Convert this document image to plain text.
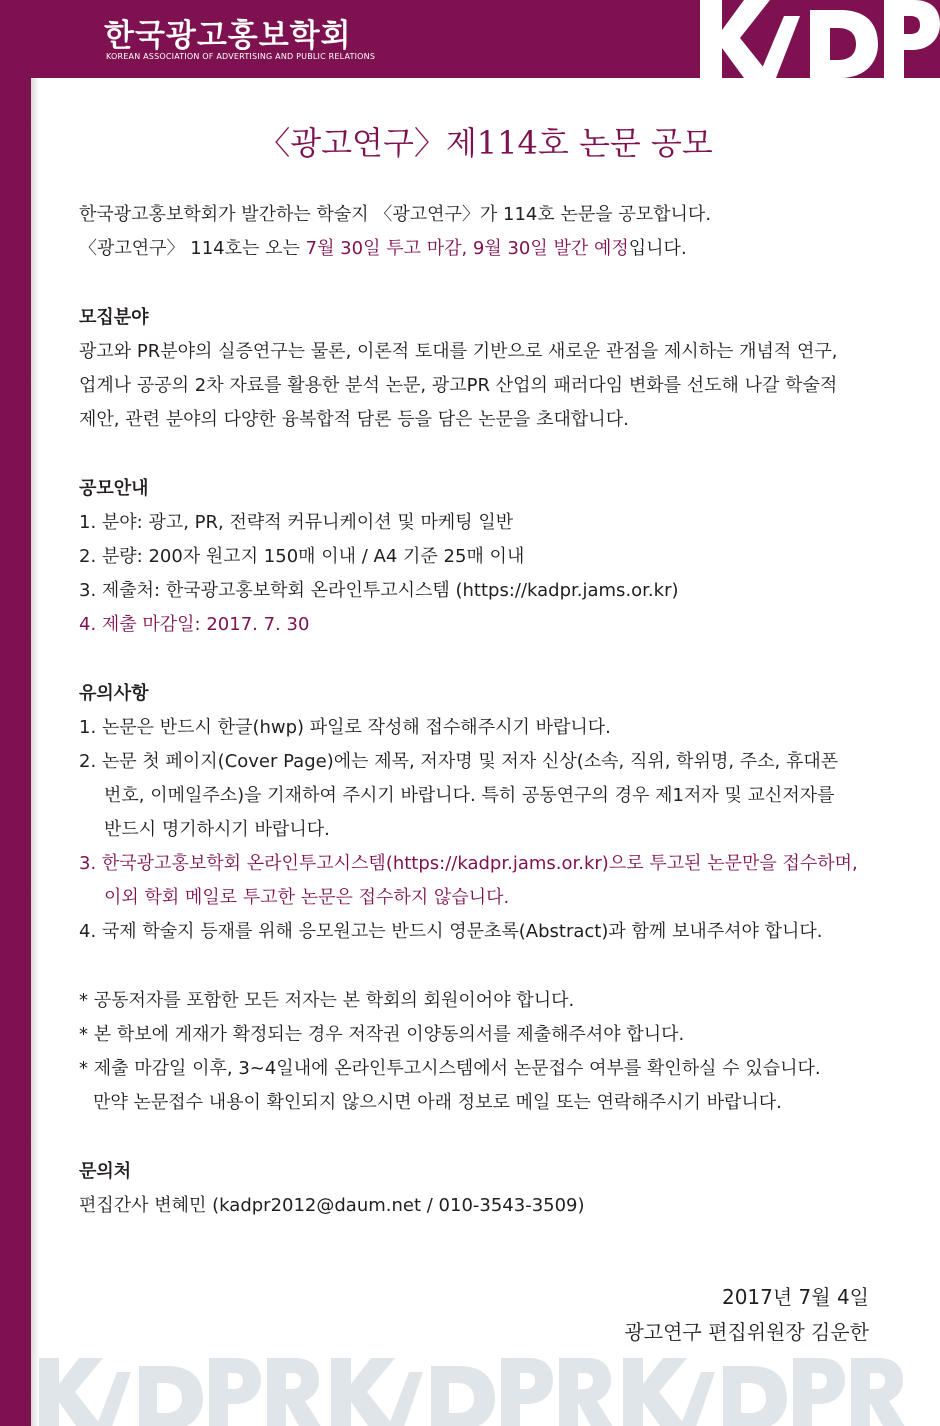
한국광고홍보학회
KOREAN ASSOCIATION OF ADVERTISING AND PUBLIC RELATIONS
〈광고연구〉제114호 논문 공모
한국광고홍보학회가 발간하는 학술지 〈광고연구〉가 114호 논문을 공모합니다.
〈광고연구〉 114호는 오는 7월 30일 투고 마감, 9월 30일 발간 예정입니다.
모집분야
광고와 PR분야의 실증연구는 물론, 이론적 토대를 기반으로 새로운 관점을 제시하는 개념적 연구,
업계나 공공의 2차 자료를 활용한 분석 논문, 광고PR 산업의 패러다임 변화를 선도해 나갈 학술적
제안, 관련 분야의 다양한 융복합적 담론 등을 담은 논문을 초대합니다.
공모안내
1. 분야: 광고, PR, 전략적 커뮤니케이션 및 마케팅 일반
2. 분량: 200자 원고지 150매 이내 / A4 기준 25매 이내
3. 제출처: 한국광고홍보학회 온라인투고시스템 (https://kadpr.jams.or.kr)
4. 제출 마감일: 2017. 7. 30
유의사항
1. 논문은 반드시 한글(hwp) 파일로 작성해 접수해주시기 바랍니다.
2. 논문 첫 페이지(Cover Page)에는 제목, 저자명 및 저자 신상(소속, 직위, 학위명, 주소, 휴대폰
번호, 이메일주소)을 기재하여 주시기 바랍니다. 특히 공동연구의 경우 제1저자 및 교신저자를
반드시 명기하시기 바랍니다.
3. 한국광고홍보학회 온라인투고시스템(https://kadpr.jams.or.kr)으로 투고된 논문만을 접수하며,
이외 학회 메일로 투고한 논문은 접수하지 않습니다.
4. 국제 학술지 등재를 위해 응모원고는 반드시 영문초록(Abstract)과 함께 보내주셔야 합니다.
* 공동저자를 포함한 모든 저자는 본 학회의 회원이어야 합니다.
* 본 학보에 게재가 확정되는 경우 저작권 이양동의서를 제출해주셔야 합니다.
* 제출 마감일 이후, 3~4일내에 온라인투고시스템에서 논문접수 여부를 확인하실 수 있습니다.
만약 논문접수 내용이 확인되지 않으시면 아래 정보로 메일 또는 연락해주시기 바랍니다.
문의처
편집간사 변혜민 (kadpr2012@daum.net / 010-3543-3509)
2017년 7월 4일
광고연구 편집위원장 김운한
